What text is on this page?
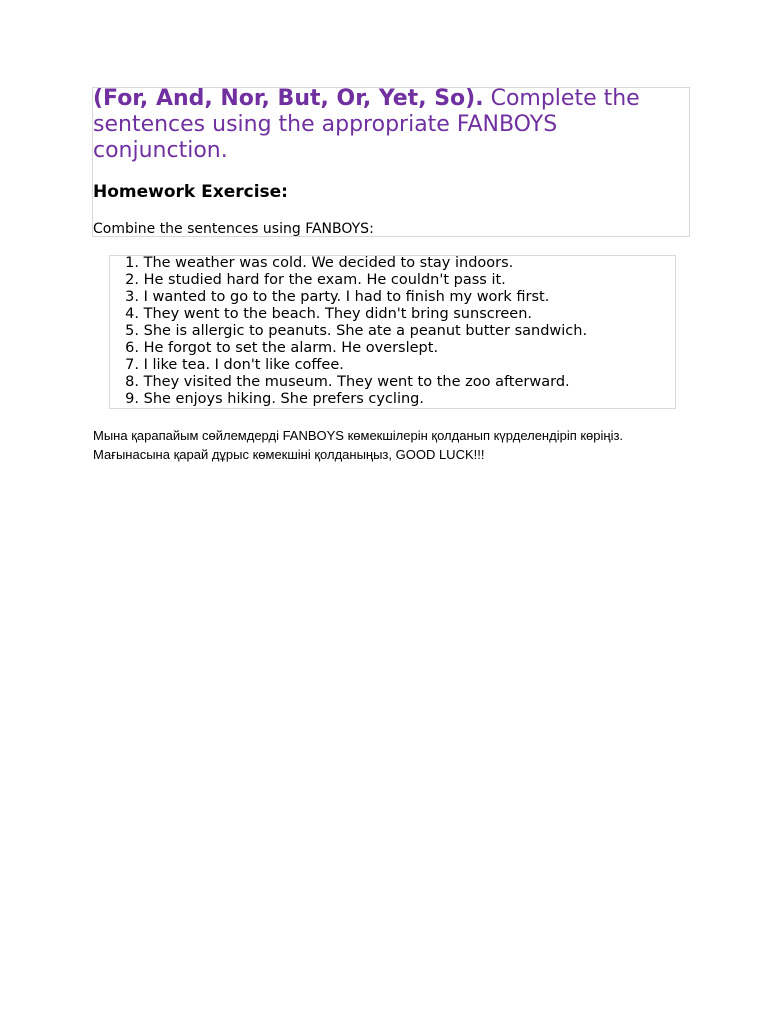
(For, And, Nor, But, Or, Yet, So). Complete the sentences using the appropriate FANBOYS conjunction.
Homework Exercise:

Combine the sentences using FANBOYS:

1. The weather was cold. We decided to stay indoors.
2. He studied hard for the exam. He couldn't pass it.
3. I wanted to go to the party. I had to finish my work first.
4. They went to the beach. They didn't bring sunscreen.
5. She is allergic to peanuts. She ate a peanut butter sandwich.
6. He forgot to set the alarm. He overslept.
7. I like tea. I don't like coffee.
8. They visited the museum. They went to the zoo afterward.
9. She enjoys hiking. She prefers cycling.

Мына қарапайым сөйлемдерді FANBOYS көмекшілерін қолданып күрделендіріп көріңіз. Мағынасына қарай дұрыс көмекшіні қолданыңыз, GOOD LUCK!!!
